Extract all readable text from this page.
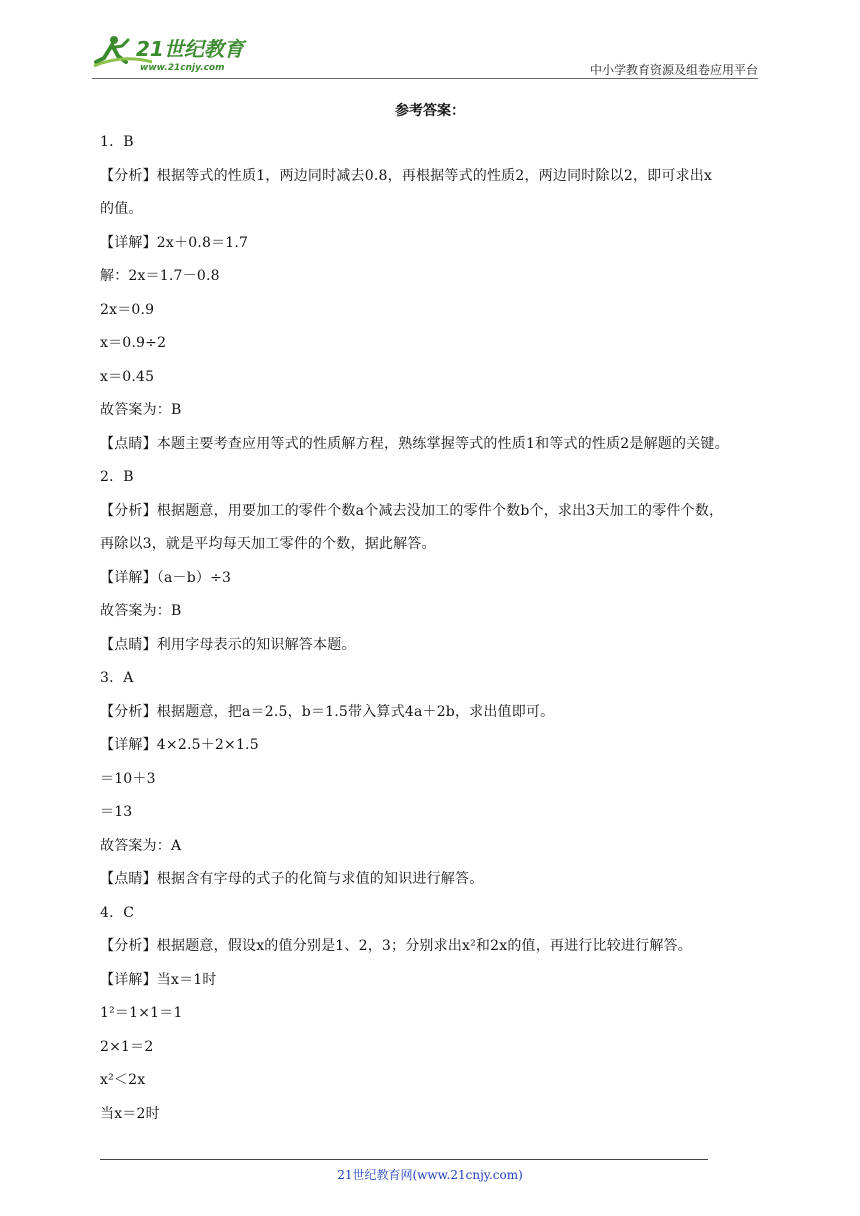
21世纪教育
www.21cnjy.com	中小学教育资源及组卷应用平台
参考答案：
1．B
【分析】根据等式的性质1，两边同时减去0.8，再根据等式的性质2，两边同时除以2，即可求出x
的值。
【详解】2x＋0.8＝1.7
解：2x＝1.7－0.8
2x＝0.9
x＝0.9÷2
x＝0.45
故答案为：B
【点睛】本题主要考查应用等式的性质解方程，熟练掌握等式的性质1和等式的性质2是解题的关键。
2．B
【分析】根据题意，用要加工的零件个数a个减去没加工的零件个数b个，求出3天加工的零件个数，
再除以3，就是平均每天加工零件的个数，据此解答。
【详解】（a－b）÷3
故答案为：B
【点睛】利用字母表示的知识解答本题。
3．A
【分析】根据题意，把a＝2.5，b＝1.5带入算式4a＋2b，求出值即可。
【详解】4×2.5＋2×1.5
＝10＋3
＝13
故答案为：A
【点睛】根据含有字母的式子的化简与求值的知识进行解答。
4．C
【分析】根据题意，假设x的值分别是1、2，3；分别求出x²和2x的值，再进行比较进行解答。
【详解】当x＝1时
1²＝1×1＝1
2×1＝2
x²＜2x
当x＝2时
21世纪教育网(www.21cnjy.com)
